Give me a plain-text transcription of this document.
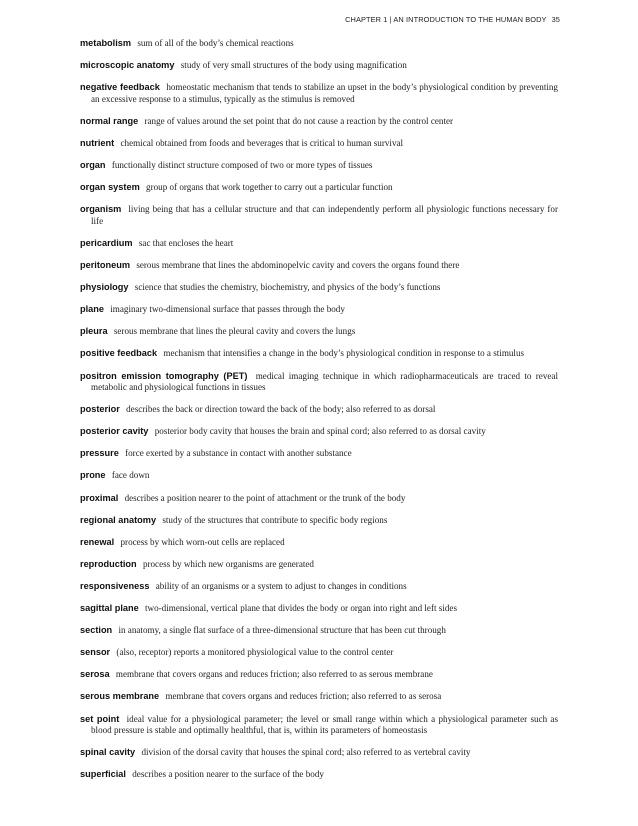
CHAPTER 1 | AN INTRODUCTION TO THE HUMAN BODY 35

metabolism sum of all of the body’s chemical reactions

microscopic anatomy study of very small structures of the body using magnification

negative feedback homeostatic mechanism that tends to stabilize an upset in the body’s physiological condition by preventing an excessive response to a stimulus, typically as the stimulus is removed

normal range range of values around the set point that do not cause a reaction by the control center

nutrient chemical obtained from foods and beverages that is critical to human survival

organ functionally distinct structure composed of two or more types of tissues

organ system group of organs that work together to carry out a particular function

organism living being that has a cellular structure and that can independently perform all physiologic functions necessary for life

pericardium sac that encloses the heart

peritoneum serous membrane that lines the abdominopelvic cavity and covers the organs found there

physiology science that studies the chemistry, biochemistry, and physics of the body’s functions

plane imaginary two-dimensional surface that passes through the body

pleura serous membrane that lines the pleural cavity and covers the lungs

positive feedback mechanism that intensifies a change in the body’s physiological condition in response to a stimulus

positron emission tomography (PET) medical imaging technique in which radiopharmaceuticals are traced to reveal metabolic and physiological functions in tissues

posterior describes the back or direction toward the back of the body; also referred to as dorsal

posterior cavity posterior body cavity that houses the brain and spinal cord; also referred to as dorsal cavity

pressure force exerted by a substance in contact with another substance

prone face down

proximal describes a position nearer to the point of attachment or the trunk of the body

regional anatomy study of the structures that contribute to specific body regions

renewal process by which worn-out cells are replaced

reproduction process by which new organisms are generated

responsiveness ability of an organisms or a system to adjust to changes in conditions

sagittal plane two-dimensional, vertical plane that divides the body or organ into right and left sides

section in anatomy, a single flat surface of a three-dimensional structure that has been cut through

sensor (also, receptor) reports a monitored physiological value to the control center

serosa membrane that covers organs and reduces friction; also referred to as serous membrane

serous membrane membrane that covers organs and reduces friction; also referred to as serosa

set point ideal value for a physiological parameter; the level or small range within which a physiological parameter such as blood pressure is stable and optimally healthful, that is, within its parameters of homeostasis

spinal cavity division of the dorsal cavity that houses the spinal cord; also referred to as vertebral cavity

superficial describes a position nearer to the surface of the body
